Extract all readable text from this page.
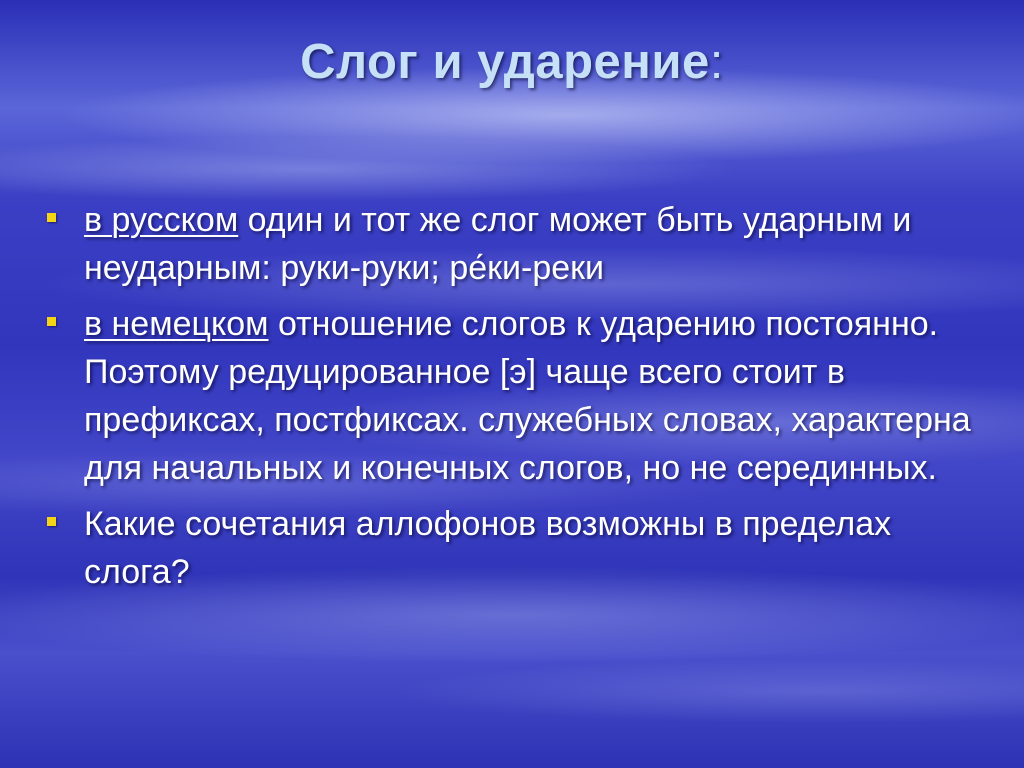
Слог и ударение:
в русском один и тот же слог может быть ударным и неударным: руки-руки; ре́ки-реки
в немецком отношение слогов к ударению постоянно. Поэтому редуцированное [э] чаще всего стоит в префиксах, постфиксах. служебных словах, характерна для начальных и конечных слогов, но не серединных.
Какие сочетания аллофонов возможны в пределах слога?
